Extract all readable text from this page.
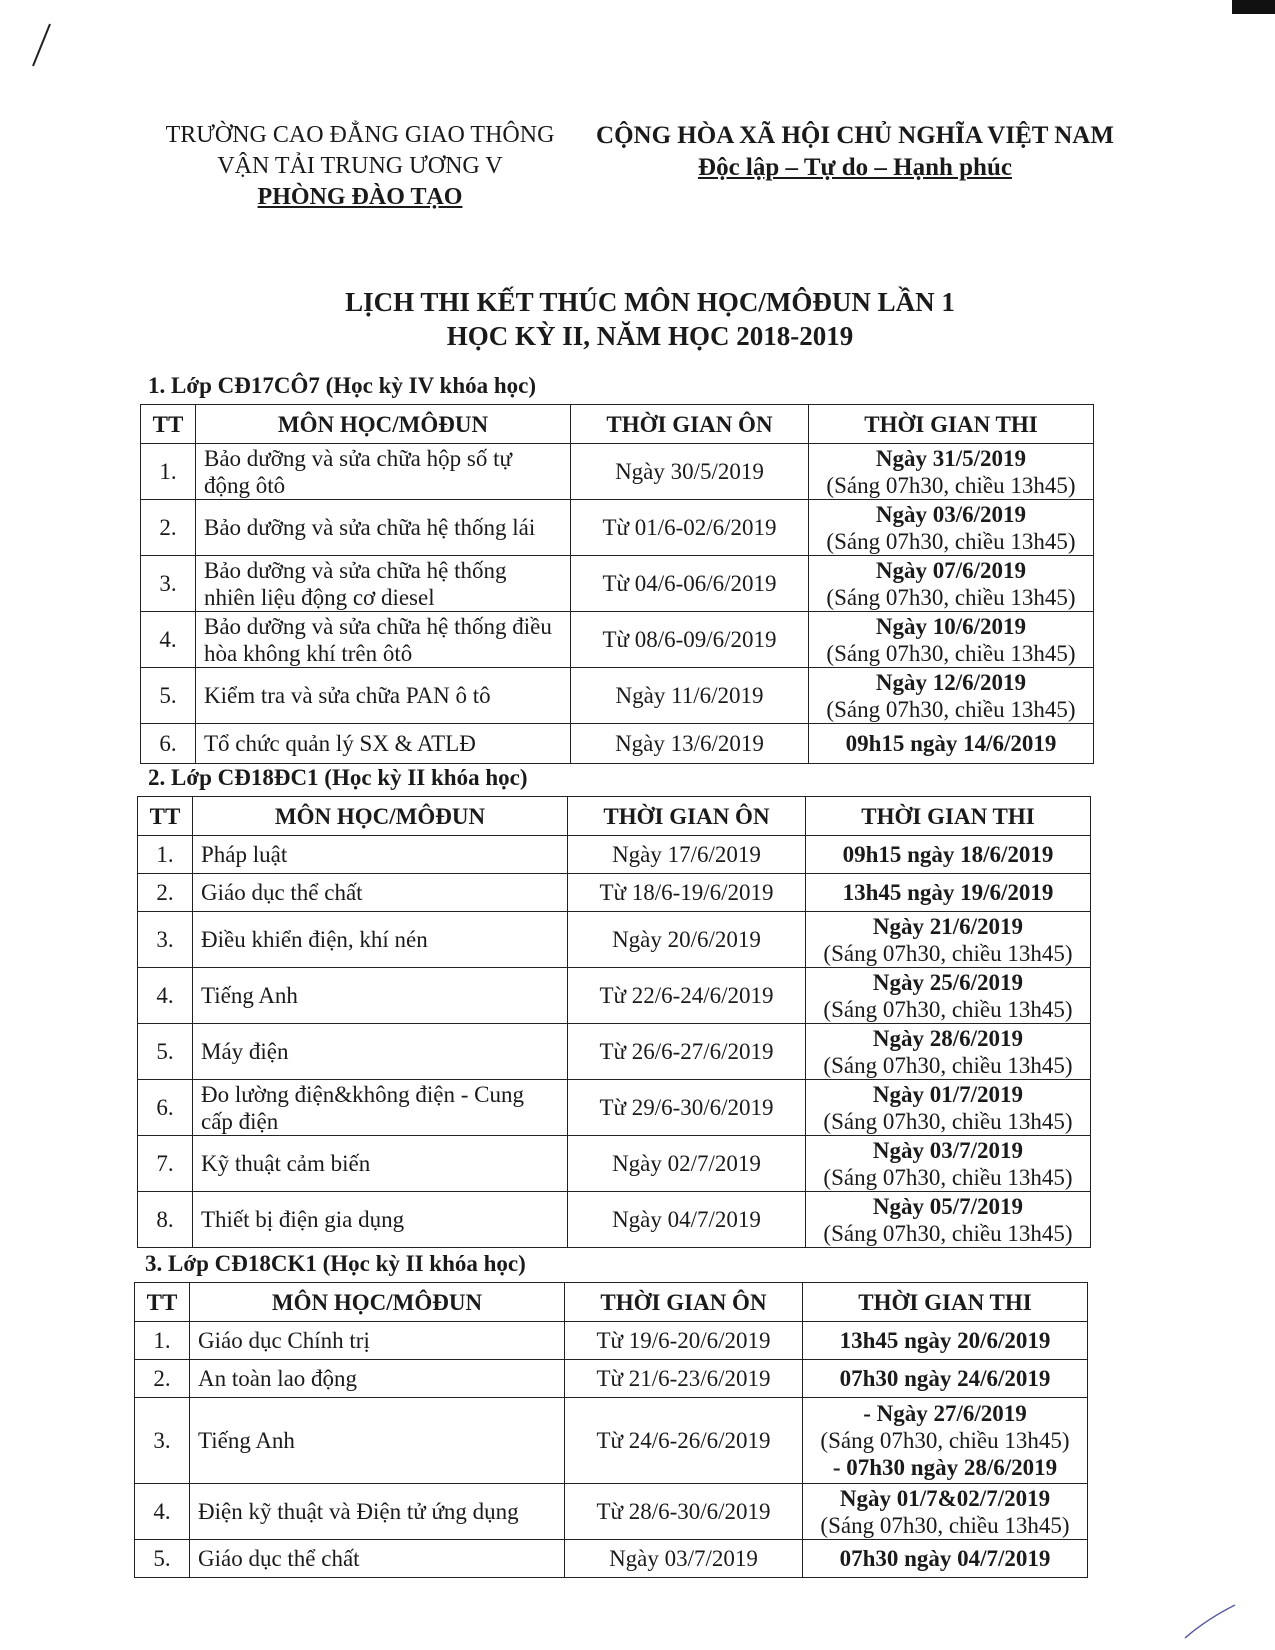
TRƯỜNG CAO ĐẲNG GIAO THÔNG
VẬN TẢI TRUNG ƯƠNG V
PHÒNG ĐÀO TẠO
CỘNG HÒA XÃ HỘI CHỦ NGHĨA VIỆT NAM
Độc lập – Tự do – Hạnh phúc
LỊCH THI KẾT THÚC MÔN HỌC/MÔĐUN LẦN 1
HỌC KỲ II, NĂM HỌC 2018-2019
1. Lớp CĐ17CÔ7 (Học kỳ IV khóa học)
TT	MÔN HỌC/MÔĐUN	THỜI GIAN ÔN	THỜI GIAN THI
1.	Bảo dưỡng và sửa chữa hộp số tự động ôtô	Ngày 30/5/2019	Ngày 31/5/2019
(Sáng 07h30, chiều 13h45)

2.	Bảo dưỡng và sửa chữa hệ thống lái	Từ 01/6-02/6/2019	Ngày 03/6/2019
(Sáng 07h30, chiều 13h45)

3.	Bảo dưỡng và sửa chữa hệ thống nhiên liệu động cơ diesel	Từ 04/6-06/6/2019	Ngày 07/6/2019
(Sáng 07h30, chiều 13h45)

4.	Bảo dưỡng và sửa chữa hệ thống điều hòa không khí trên ôtô	Từ 08/6-09/6/2019	Ngày 10/6/2019
(Sáng 07h30, chiều 13h45)

5.	Kiểm tra và sửa chữa PAN ô tô	Ngày 11/6/2019	Ngày 12/6/2019
(Sáng 07h30, chiều 13h45)

6.	Tổ chức quản lý SX & ATLĐ	Ngày 13/6/2019	09h15 ngày 14/6/2019
2. Lớp CĐ18ĐC1 (Học kỳ II khóa học)
TT	MÔN HỌC/MÔĐUN	THỜI GIAN ÔN	THỜI GIAN THI
1.	Pháp luật	Ngày 17/6/2019	09h15 ngày 18/6/2019

2.	Giáo dục thể chất	Từ 18/6-19/6/2019	13h45 ngày 19/6/2019

3.	Điều khiển điện, khí nén	Ngày 20/6/2019	Ngày 21/6/2019
(Sáng 07h30, chiều 13h45)

4.	Tiếng Anh	Từ 22/6-24/6/2019	Ngày 25/6/2019
(Sáng 07h30, chiều 13h45)

5.	Máy điện	Từ 26/6-27/6/2019	Ngày 28/6/2019
(Sáng 07h30, chiều 13h45)

6.	Đo lường điện&không điện - Cung cấp điện	Từ 29/6-30/6/2019	Ngày 01/7/2019
(Sáng 07h30, chiều 13h45)

7.	Kỹ thuật cảm biến	Ngày 02/7/2019	Ngày 03/7/2019
(Sáng 07h30, chiều 13h45)

8.	Thiết bị điện gia dụng	Ngày 04/7/2019	Ngày 05/7/2019
(Sáng 07h30, chiều 13h45)
3. Lớp CĐ18CK1 (Học kỳ II khóa học)
TT	MÔN HỌC/MÔĐUN	THỜI GIAN ÔN	THỜI GIAN THI
1.	Giáo dục Chính trị	Từ 19/6-20/6/2019	13h45 ngày 20/6/2019

2.	An toàn lao động	Từ 21/6-23/6/2019	07h30 ngày 24/6/2019

3.	Tiếng Anh	Từ 24/6-26/6/2019	- Ngày 27/6/2019
(Sáng 07h30, chiều 13h45)
- 07h30 ngày 28/6/2019

4.	Điện kỹ thuật và Điện tử ứng dụng	Từ 28/6-30/6/2019	Ngày 01/7&02/7/2019
(Sáng 07h30, chiều 13h45)

5.	Giáo dục thể chất	Ngày 03/7/2019	07h30 ngày 04/7/2019
